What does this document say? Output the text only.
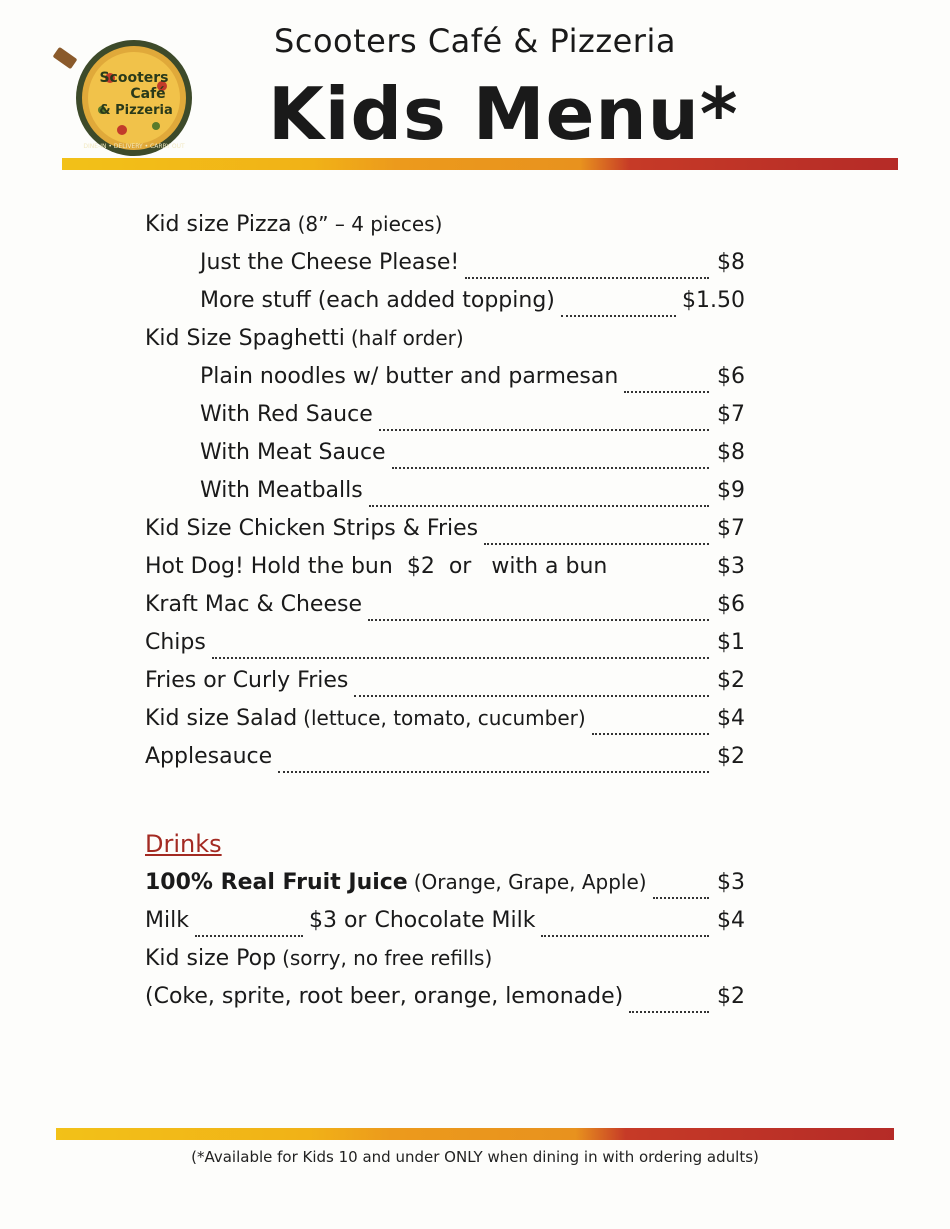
Scooters
Café
& Pizzeria
DINE-IN • DELIVERY • CARRY OUT
Scooters Café & Pizzeria
Kids Menu*
Kid size Pizza (8” – 4 pieces)
Just the Cheese Please!	$8
More stuff (each added topping)	$1.50
Kid Size Spaghetti (half order)
Plain noodles w/ butter and parmesan	$6
With Red Sauce	$7
With Meat Sauce	$8
With Meatballs	$9
Kid Size Chicken Strips & Fries	$7
Hot Dog! Hold the bun $2 or with a bun	$3
Kraft Mac & Cheese	$6
Chips	$1
Fries or Curly Fries	$2
Kid size Salad (lettuce, tomato, cucumber)	$4
Applesauce	$2
Drinks
100% Real Fruit Juice (Orange, Grape, Apple)	$3
Milk	$3 or Chocolate Milk	$4
Kid size Pop (sorry, no free refills)
(Coke, sprite, root beer, orange, lemonade)	$2
(*Available for Kids 10 and under ONLY when dining in with ordering adults)
